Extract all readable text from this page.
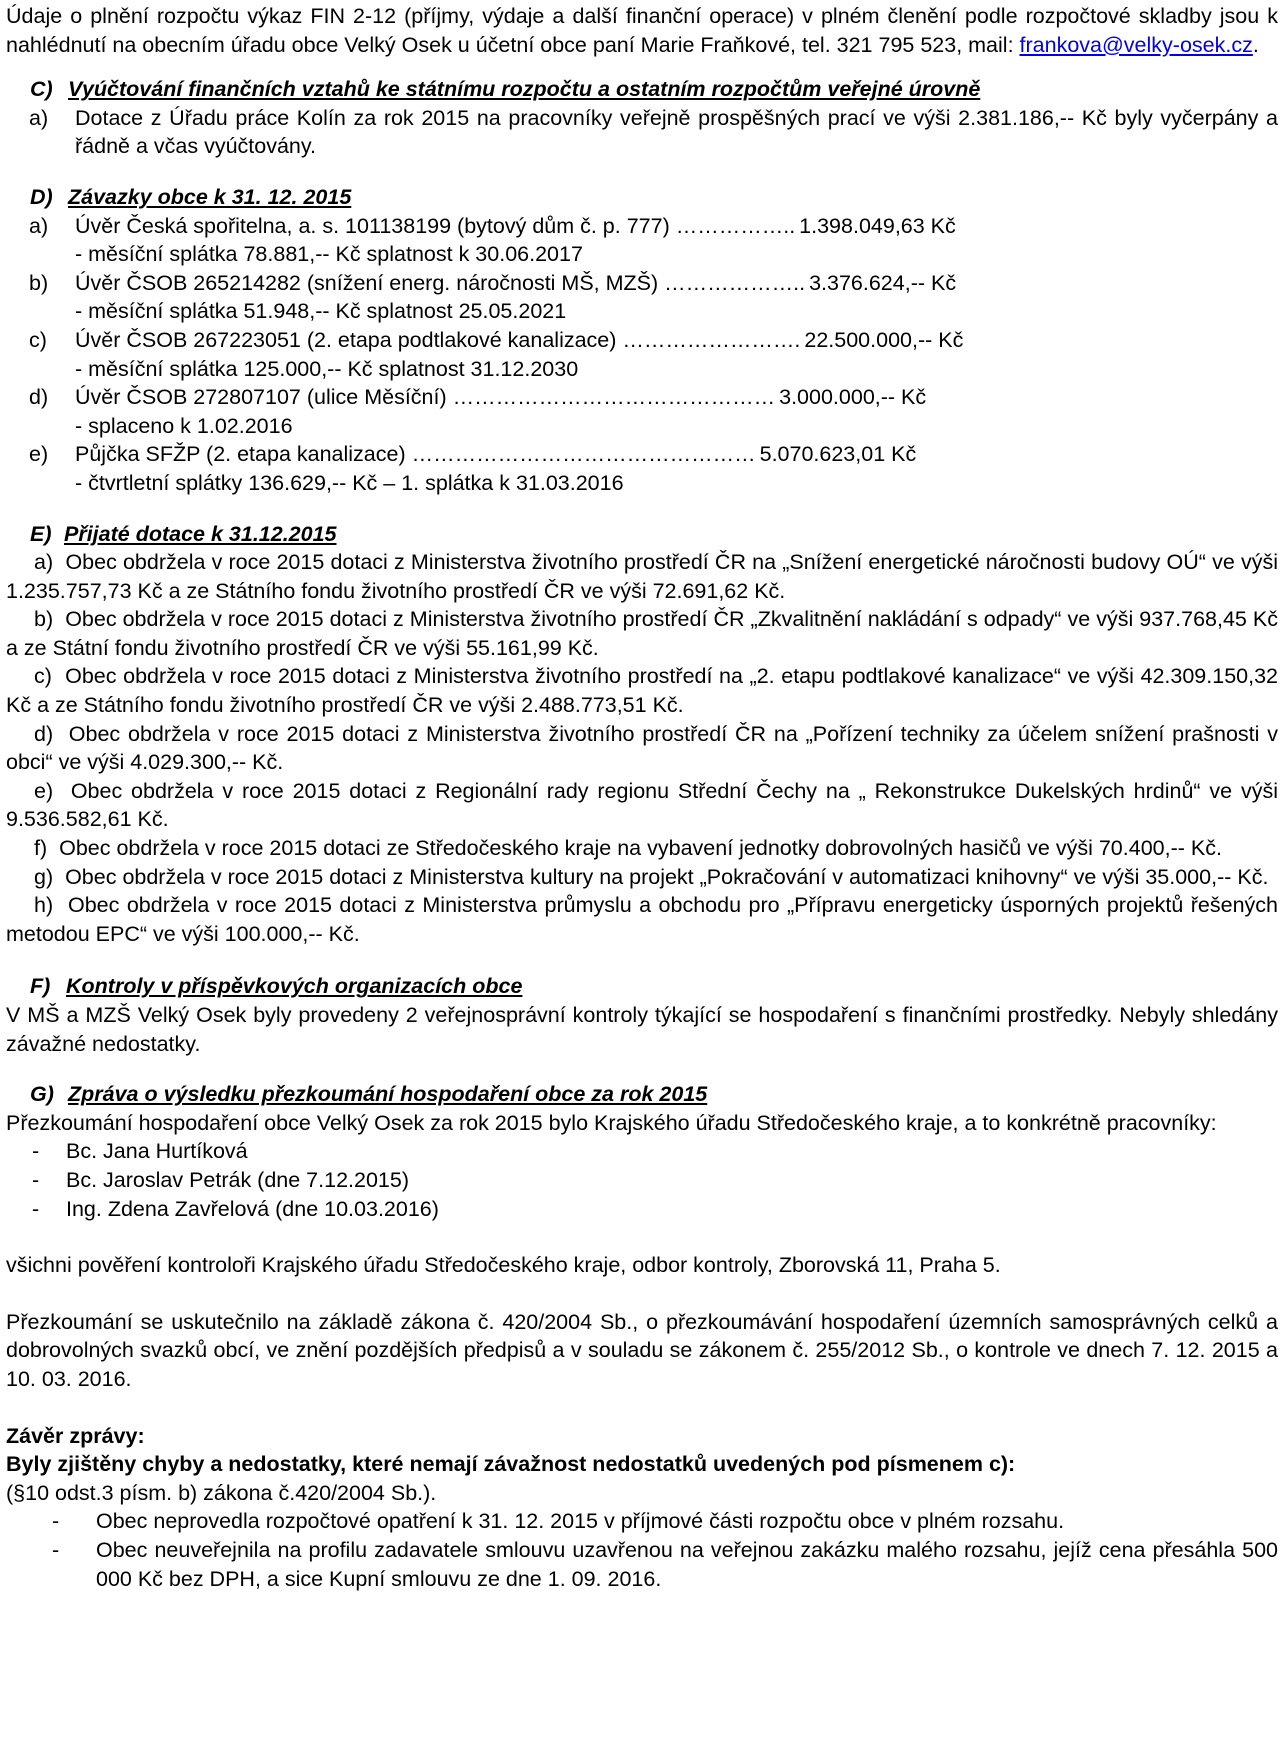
Údaje o plnění rozpočtu výkaz FIN 2-12 (příjmy, výdaje a další finanční operace) v plném členění podle rozpočtové skladby jsou k nahlédnutí na obecním úřadu obce Velký Osek u účetní obce paní Marie Fraňkové, tel. 321 795 523, mail: frankova@velky-osek.cz.

C) Vyúčtování finančních vztahů ke státnímu rozpočtu a ostatním rozpočtům veřejné úrovně
a)	Dotace z Úřadu práce Kolín za rok 2015 na pracovníky veřejně prospěšných prací ve výši 2.381.186,-- Kč byly vyčerpány a řádně a včas vyúčtovány.
D) Závazky obce k 31. 12. 2015
a)	Úvěr Česká spořitelna, a. s. 101138199 (bytový dům č. p. 777) …………….. 1.398.049,63 Kč
- měsíční splátka 78.881,-- Kč splatnost k 30.06.2017
b)	Úvěr ČSOB 265214282 (snížení energ. náročnosti MŠ, MZŠ) ……………….. 3.376.624,-- Kč
- měsíční splátka 51.948,-- Kč splatnost 25.05.2021
c)	Úvěr ČSOB 267223051 (2. etapa podtlakové kanalizace) ……………………. 22.500.000,-- Kč
- měsíční splátka 125.000,-- Kč splatnost 31.12.2030
d)	Úvěr ČSOB 272807107 (ulice Měsíční) ……………………………………… 3.000.000,-- Kč
- splaceno k 1.02.2016
e)	Půjčka SFŽP (2. etapa kanalizace) ………………………………………… 5.070.623,01 Kč
- čtvrtletní splátky 136.629,-- Kč – 1. splátka k 31.03.2016
E) Přijaté dotace k 31.12.2015

a) Obec obdržela v roce 2015 dotaci z Ministerstva životního prostředí ČR na „Snížení energetické náročnosti budovy OÚ“ ve výši 1.235.757,73 Kč a ze Státního fondu životního prostředí ČR ve výši 72.691,62 Kč.

b) Obec obdržela v roce 2015 dotaci z Ministerstva životního prostředí ČR „Zkvalitnění nakládání s odpady“ ve výši 937.768,45 Kč a ze Státní fondu životního prostředí ČR ve výši 55.161,99 Kč.

c) Obec obdržela v roce 2015 dotaci z Ministerstva životního prostředí na „2. etapu podtlakové kanalizace“ ve výši 42.309.150,32 Kč a ze Státního fondu životního prostředí ČR ve výši 2.488.773,51 Kč.

d) Obec obdržela v roce 2015 dotaci z Ministerstva životního prostředí ČR na „Pořízení techniky za účelem snížení prašnosti v obci“ ve výši 4.029.300,-- Kč.

e) Obec obdržela v roce 2015 dotaci z Regionální rady regionu Střední Čechy na „ Rekonstrukce Dukelských hrdinů“ ve výši 9.536.582,61 Kč.

f) Obec obdržela v roce 2015 dotaci ze Středočeského kraje na vybavení jednotky dobrovolných hasičů ve výši 70.400,-- Kč.

g) Obec obdržela v roce 2015 dotaci z Ministerstva kultury na projekt „Pokračování v automatizaci knihovny“ ve výši 35.000,-- Kč.

h) Obec obdržela v roce 2015 dotaci z Ministerstva průmyslu a obchodu pro „Přípravu energeticky úsporných projektů řešených metodou EPC“ ve výši 100.000,-- Kč.

F) Kontroly v příspěvkových organizacích obce

V MŠ a MZŠ Velký Osek byly provedeny 2 veřejnosprávní kontroly týkající se hospodaření s finančními prostředky. Nebyly shledány závažné nedostatky.

G) Zpráva o výsledku přezkoumání hospodaření obce za rok 2015

Přezkoumání hospodaření obce Velký Osek za rok 2015 bylo Krajského úřadu Středočeského kraje, a to konkrétně pracovníky:

-	Bc. Jana Hurtíková
-	Bc. Jaroslav Petrák (dne 7.12.2015)
-	Ing. Zdena Zavřelová (dne 10.03.2016)

všichni pověření kontroloři Krajského úřadu Středočeského kraje, odbor kontroly, Zborovská 11, Praha 5.

Přezkoumání se uskutečnilo na základě zákona č. 420/2004 Sb., o přezkoumávání hospodaření územních samosprávných celků a dobrovolných svazků obcí, ve znění pozdějších předpisů a v souladu se zákonem č. 255/2012 Sb., o kontrole ve dnech 7. 12. 2015 a 10. 03. 2016.

Závěr zprávy:

Byly zjištěny chyby a nedostatky, které nemají závažnost nedostatků uvedených pod písmenem c):

(§10 odst.3 písm. b) zákona č.420/2004 Sb.).

-	Obec neprovedla rozpočtové opatření k 31. 12. 2015 v příjmové části rozpočtu obce v plném rozsahu.
-	Obec neuveřejnila na profilu zadavatele smlouvu uzavřenou na veřejnou zakázku malého rozsahu, jejíž cena přesáhla 500 000 Kč bez DPH, a sice Kupní smlouvu ze dne 1. 09. 2016.
